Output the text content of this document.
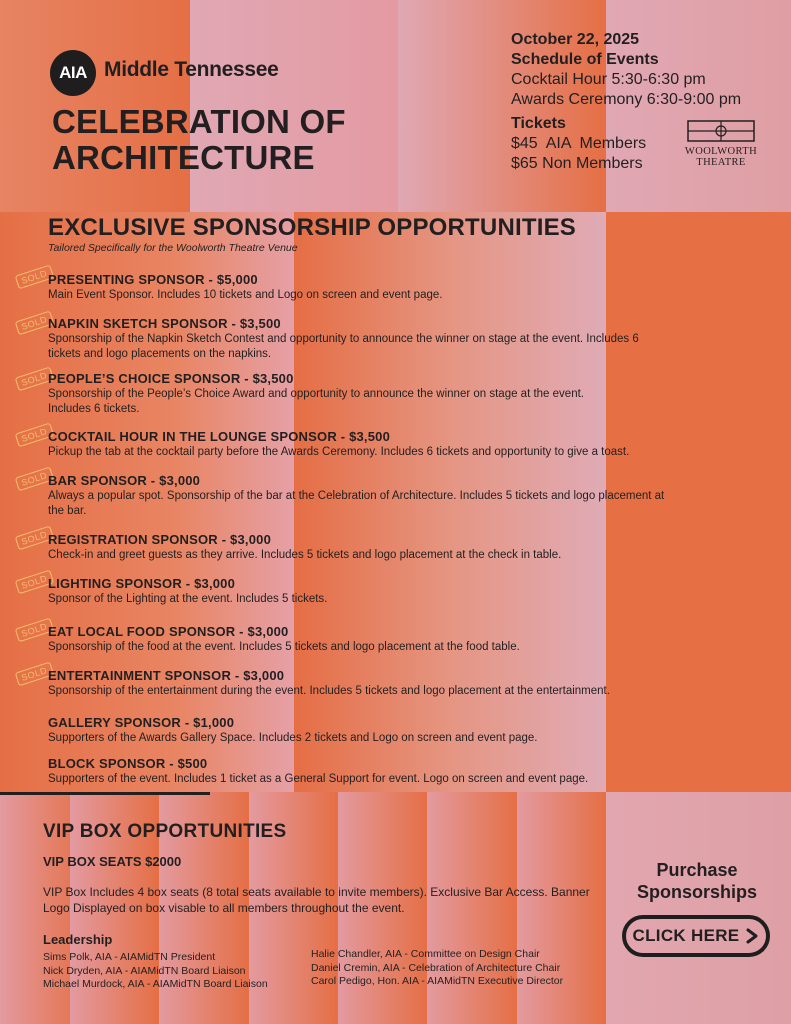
AIA Middle Tennessee
CELEBRATION OF
ARCHITECTURE
October 22, 2025
Schedule of Events
Cocktail Hour 5:30-6:30 pm
Awards Ceremony 6:30-9:00 pm
Tickets
$45  AIA  Members
$65 Non Members
WOOLWORTH
THEATRE
EXCLUSIVE SPONSORSHIP OPPORTUNITIES
Tailored Specifically for the Woolworth Theatre Venue
SOLD PRESENTING SPONSOR - $5,000
Main Event Sponsor. Includes 10 tickets and Logo on screen and event page.
SOLD NAPKIN SKETCH SPONSOR - $3,500
Sponsorship of the Napkin Sketch Contest and opportunity to announce the winner on stage at the event. Includes 6 tickets and logo placements on the napkins.
SOLD PEOPLE’S CHOICE SPONSOR - $3,500
Sponsorship of the People’s Choice Award and opportunity to announce the winner on stage at the event. Includes 6 tickets.
SOLD COCKTAIL HOUR IN THE LOUNGE SPONSOR - $3,500
Pickup the tab at the cocktail party before the Awards Ceremony. Includes 6 tickets and opportunity to give a toast.
SOLD BAR SPONSOR - $3,000
Always a popular spot. Sponsorship of the bar at the Celebration of Architecture. Includes 5 tickets and logo placement at the bar.
SOLD REGISTRATION SPONSOR - $3,000
Check-in and greet guests as they arrive. Includes 5 tickets and logo placement at the check in table.
SOLD LIGHTING SPONSOR - $3,000
Sponsor of the Lighting at the event. Includes 5 tickets.
SOLD EAT LOCAL FOOD SPONSOR - $3,000
Sponsorship of the food at the event. Includes 5 tickets and logo placement at the food table.
SOLD ENTERTAINMENT SPONSOR - $3,000
Sponsorship of the entertainment during the event. Includes 5 tickets and logo placement at the entertainment.
GALLERY SPONSOR - $1,000
Supporters of the Awards Gallery Space. Includes 2 tickets and Logo on screen and event page.
BLOCK SPONSOR - $500
Supporters of the event. Includes 1 ticket as a General Support for event. Logo on screen and event page.
VIP BOX OPPORTUNITIES
VIP BOX SEATS $2000
VIP Box Includes 4 box seats (8 total seats available to invite members). Exclusive Bar Access. Banner Logo Displayed on box visable to all members throughout the event.
Leadership
Sims Polk, AIA - AIAMidTN President
Nick Dryden, AIA - AIAMidTN Board Liaison
Michael Murdock, AIA - AIAMidTN Board Liaison
Halie Chandler, AIA - Committee on Design Chair
Daniel Cremin, AIA - Celebration of Architecture Chair
Carol Pedigo, Hon. AIA - AIAMidTN Executive Director
Purchase
Sponsorships
CLICK HERE
